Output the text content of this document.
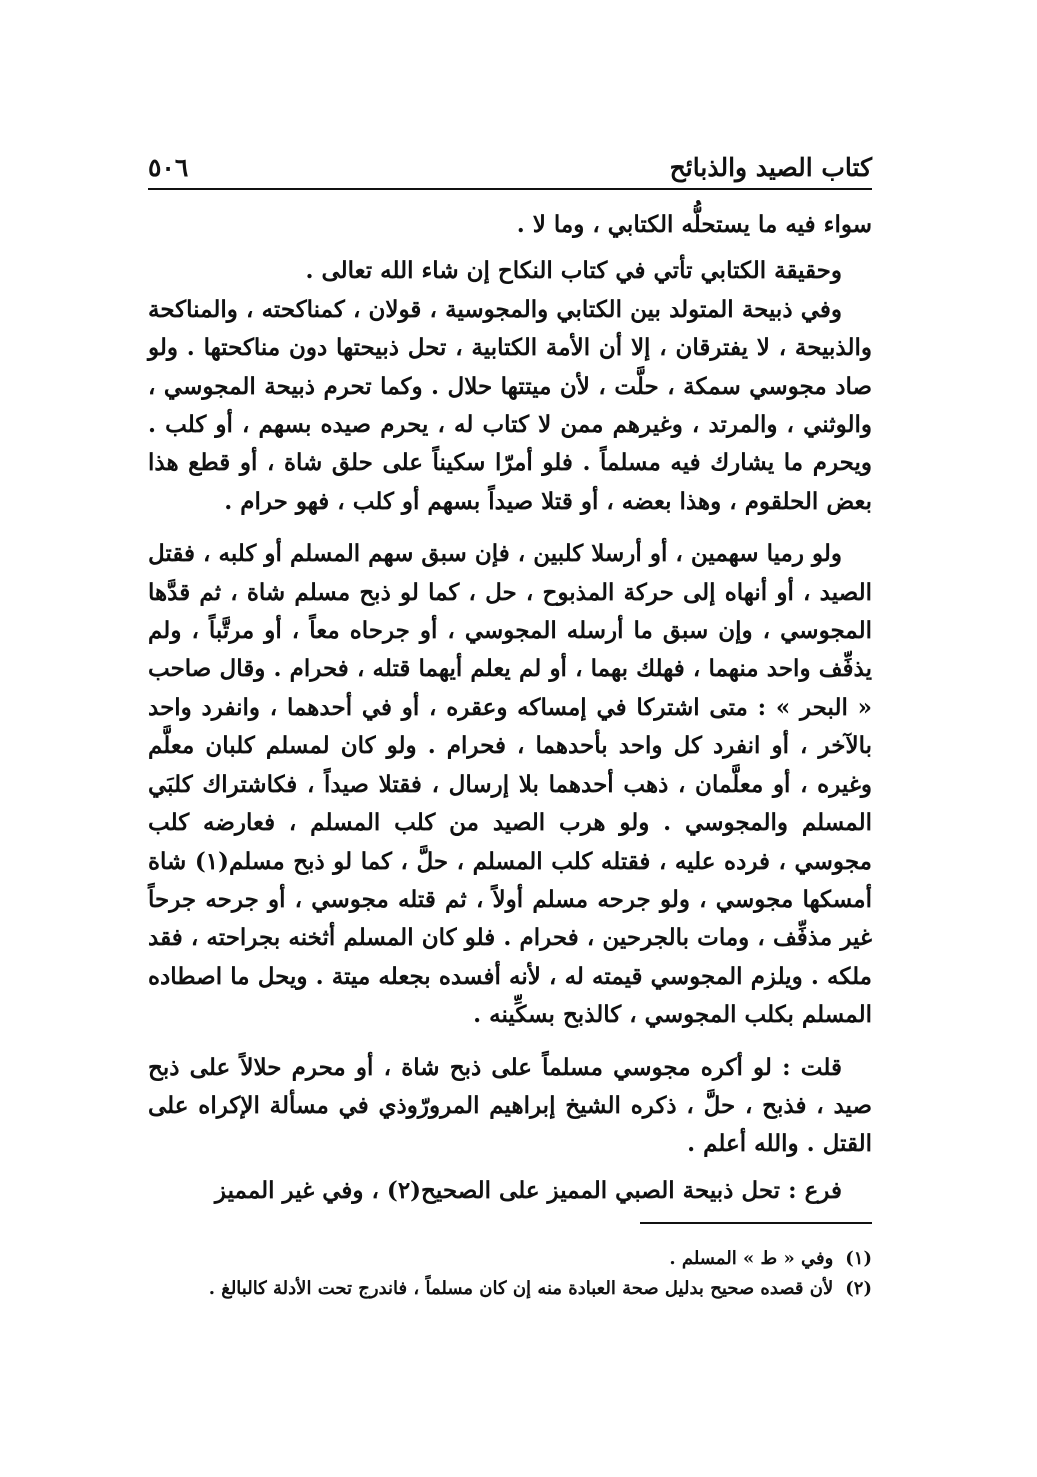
كتاب الصيد والذبائح
٥٠٦

سواء فيه ما يستحلُّه الكتابي ، وما لا .

وحقيقة الكتابي تأتي في كتاب النكاح إن شاء الله تعالى .

وفي ذبيحة المتولد بين الكتابي والمجوسية ، قولان ، كمناكحته ، والمناكحة والذبيحة ، لا يفترقان ، إلا أن الأمة الكتابية ، تحل ذبيحتها دون مناكحتها . ولو صاد مجوسي سمكة ، حلَّت ، لأن ميتتها حلال . وكما تحرم ذبيحة المجوسي ، والوثني ، والمرتد ، وغيرهم ممن لا كتاب له ، يحرم صيده بسهم ، أو كلب . ويحرم ما يشارك فيه مسلماً . فلو أمرّا سكيناً على حلق شاة ، أو قطع هذا بعض الحلقوم ، وهذا بعضه ، أو قتلا صيداً بسهم أو كلب ، فهو حرام .

ولو رميا سهمين ، أو أرسلا كلبين ، فإن سبق سهم المسلم أو كلبه ، فقتل الصيد ، أو أنهاه إلى حركة المذبوح ، حل ، كما لو ذبح مسلم شاة ، ثم قدَّها المجوسي ، وإن سبق ما أرسله المجوسي ، أو جرحاه معاً ، أو مرتَّباً ، ولم يذفِّف واحد منهما ، فهلك بهما ، أو لم يعلم أيهما قتله ، فحرام . وقال صاحب « البحر » : متى اشتركا في إمساكه وعقره ، أو في أحدهما ، وانفرد واحد بالآخر ، أو انفرد كل واحد بأحدهما ، فحرام . ولو كان لمسلم كلبان معلَّم وغيره ، أو معلَّمان ، ذهب أحدهما بلا إرسال ، فقتلا صيداً ، فكاشتراك كلبَي المسلم والمجوسي . ولو هرب الصيد من كلب المسلم ، فعارضه كلب مجوسي ، فرده عليه ، فقتله كلب المسلم ، حلَّ ، كما لو ذبح مسلم(١) شاة أمسكها مجوسي ، ولو جرحه مسلم أولاً ، ثم قتله مجوسي ، أو جرحه جرحاً غير مذفِّف ، ومات بالجرحين ، فحرام . فلو كان المسلم أثخنه بجراحته ، فقد ملكه . ويلزم المجوسي قيمته له ، لأنه أفسده بجعله ميتة . ويحل ما اصطاده المسلم بكلب المجوسي ، كالذبح بسكِّينه .

قلت : لو أكره مجوسي مسلماً على ذبح شاة ، أو محرم حلالاً على ذبح صيد ، فذبح ، حلَّ ، ذكره الشيخ إبراهيم المرورّوذي في مسألة الإكراه على القتل . والله أعلم .

فرع : تحل ذبيحة الصبي المميز على الصحيح(٢) ، وفي غير المميز

(١)وفي « ط » المسلم .
(٢)لأن قصده صحيح بدليل صحة العبادة منه إن كان مسلماً ، فاندرج تحت الأدلة كالبالغ .
